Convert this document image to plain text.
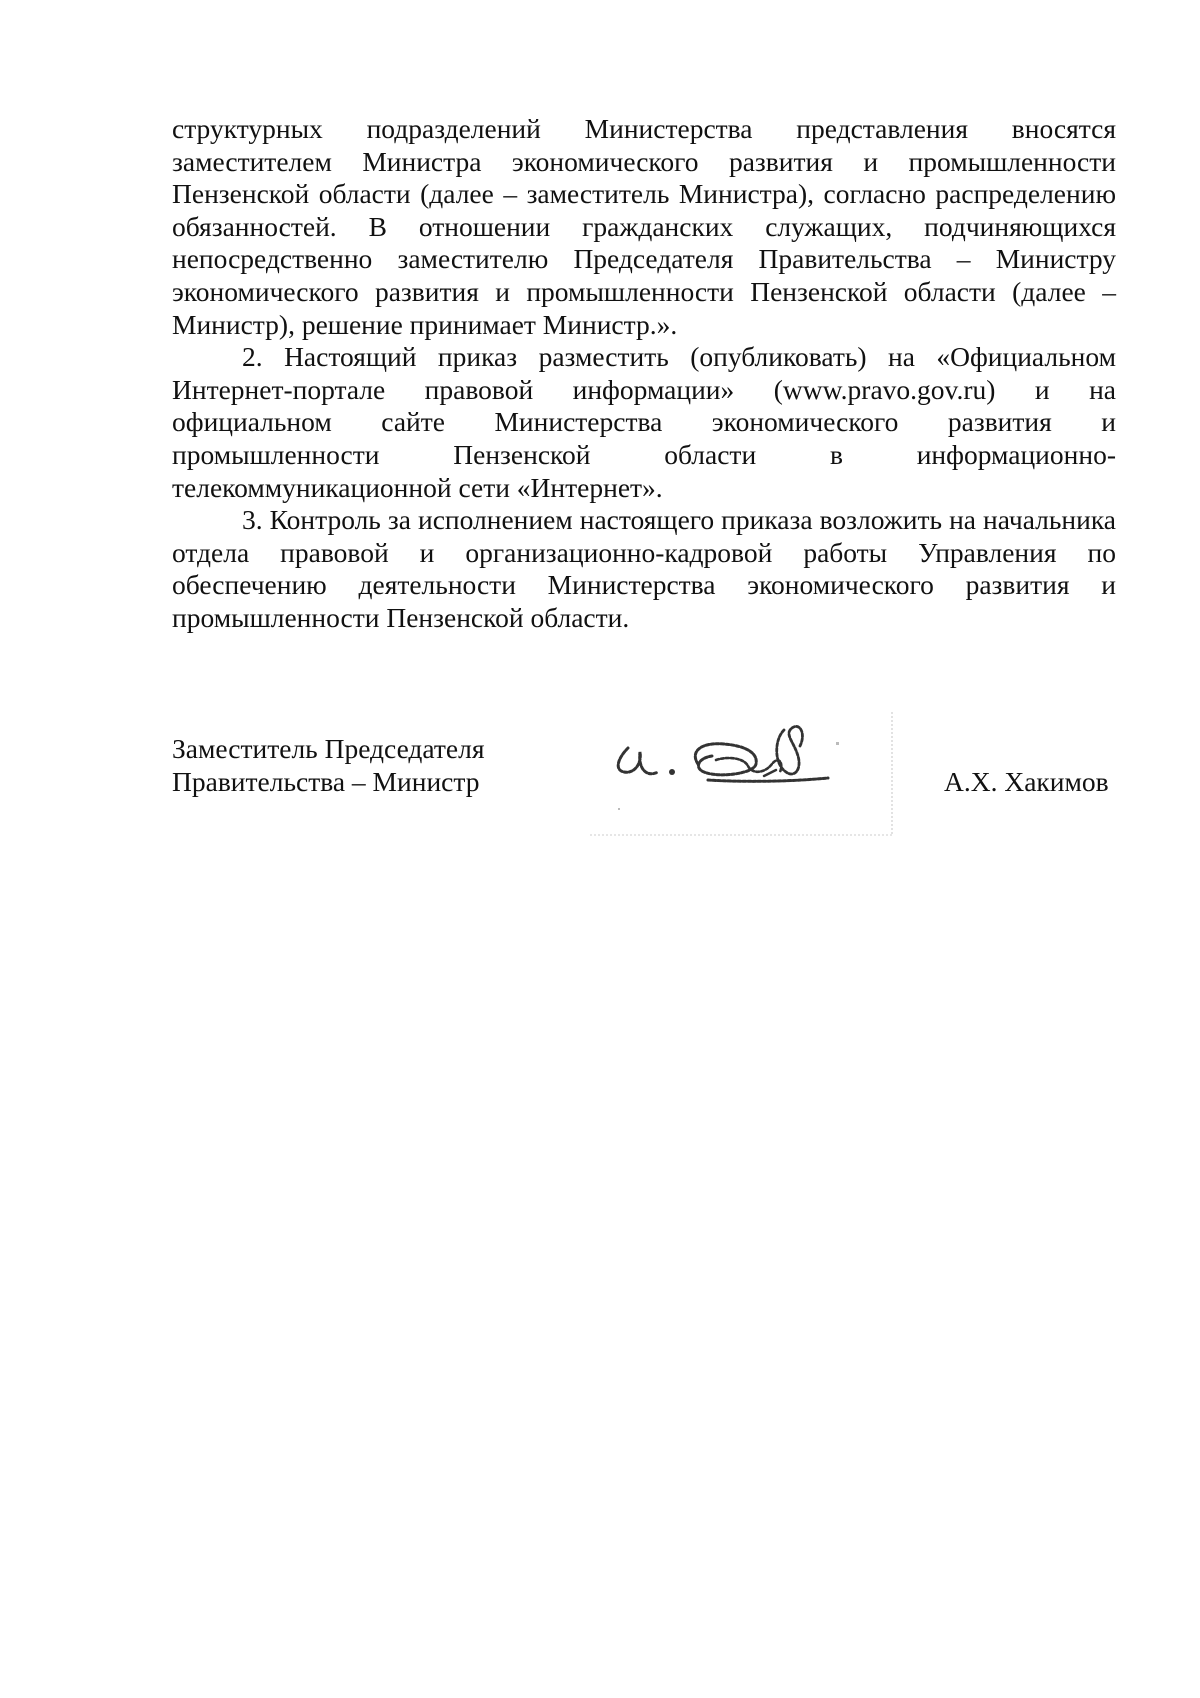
структурных подразделений Министерства представления вносятся заместителем Министра экономического развития и промышленности Пензенской области (далее – заместитель Министра), согласно распределению обязанностей. В отношении гражданских служащих, подчиняющихся непосредственно заместителю Председателя Правительства – Министру экономического развития и промышленности Пензенской области (далее – Министр), решение принимает Министр.».

2. Настоящий приказ разместить (опубликовать) на «Официальном Интернет-портале правовой информации» (www.pravo.gov.ru) и на официальном сайте Министерства экономического развития и промышленности Пензенской области в информационно-телекоммуникационной сети «Интернет».

3. Контроль за исполнением настоящего приказа возложить на начальника отдела правовой и организационно-кадровой работы Управления по обеспечению деятельности Министерства экономического развития и промышленности Пензенской области.

Заместитель Председателя
Правительства – Министр	А.Х. Хакимов
